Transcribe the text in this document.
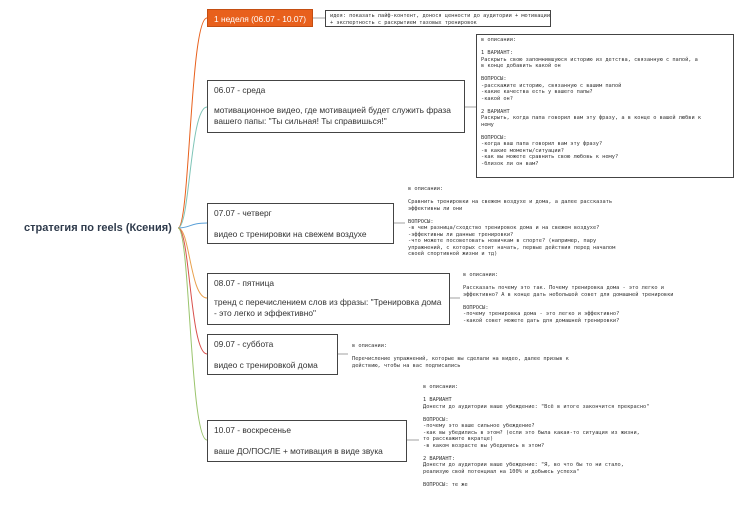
стратегия по reels (Ксения)
1 неделя (06.07 - 10.07)	идея: показать лайф-контент, донося ценности до аудитории + мотивации
+ экспертность с раскрытием тазовых тренировок
06.07 - среда
мотивационное видео, где мотивацией будет служить фраза вашего папы: "Ты сильная! Ты справишься!"
в описании:

1 ВАРИАНТ:
Раскрыть свою запомнившуюся историю из детства, связанную с папой, а
в конце добавить какой он

ВОПРОСЫ:
-расскажите историю, связанную с вашим папой
-какие качества есть у вашего папы?
-какой он?

2 ВАРИАНТ
Раскрыть, когда папа говорил вам эту фразу, а в конце о вашей любви к
нему

ВОПРОСЫ:
-когда ваш папа говорил вам эту фразу?
-в какие моменты/ситуации?
-как вы можете сравнить свою любовь к нему?
-близок ли он вам?
07.07 - четверг
видео с тренировки на свежем воздухе
в описании:

Сравнить тренировки на свежем воздухе и дома, а далее рассказать
эффективны ли они

ВОПРОСЫ:
-в чем разница/сходство тренировок дома и на свежем воздухе?
-эффективны ли данные тренировки?
-что можете посоветовать новичкам в спорте? (например, пару
упражнений, с которых стоит начать, первые действия перед началом
своей спортивной жизни и тд)
08.07 - пятница
тренд с перечислением слов из фразы: "Тренировка дома - это легко и эффективно"
в описании:

Рассказать почему это так. Почему тренировка дома - это легко и
эффективно? А в конце дать небольшой совет для домашней тренировки

ВОПРОСЫ:
-почему тренировка дома - это легко и эффективно?
-какой совет можете дать для домашней тренировки?
09.07 - суббота
видео с тренировкой дома
в описании:

Перечисление упражнений, которые вы сделали на видео, далее призыв к
действию, чтобы на вас подписались
10.07 - воскресенье
ваше ДО/ПОСЛЕ + мотивация в виде звука
в описании:

1 ВАРИАНТ
Донести до аудитории ваше убеждение: "Всё в итоге закончится прекрасно"

ВОПРОСЫ:
-почему это ваше сильное убеждение?
-как вы убедились в этом? (если это была какая-то ситуация из жизни,
то расскажите вкратце)
-в каком возрасте вы убедились в этом?

2 ВАРИАНТ:
Донести до аудитории ваше убеждение: "Я, во что бы то ни стало,
реализую свой потенциал на 100% и добьюсь успеха"

ВОПРОСЫ: те же
